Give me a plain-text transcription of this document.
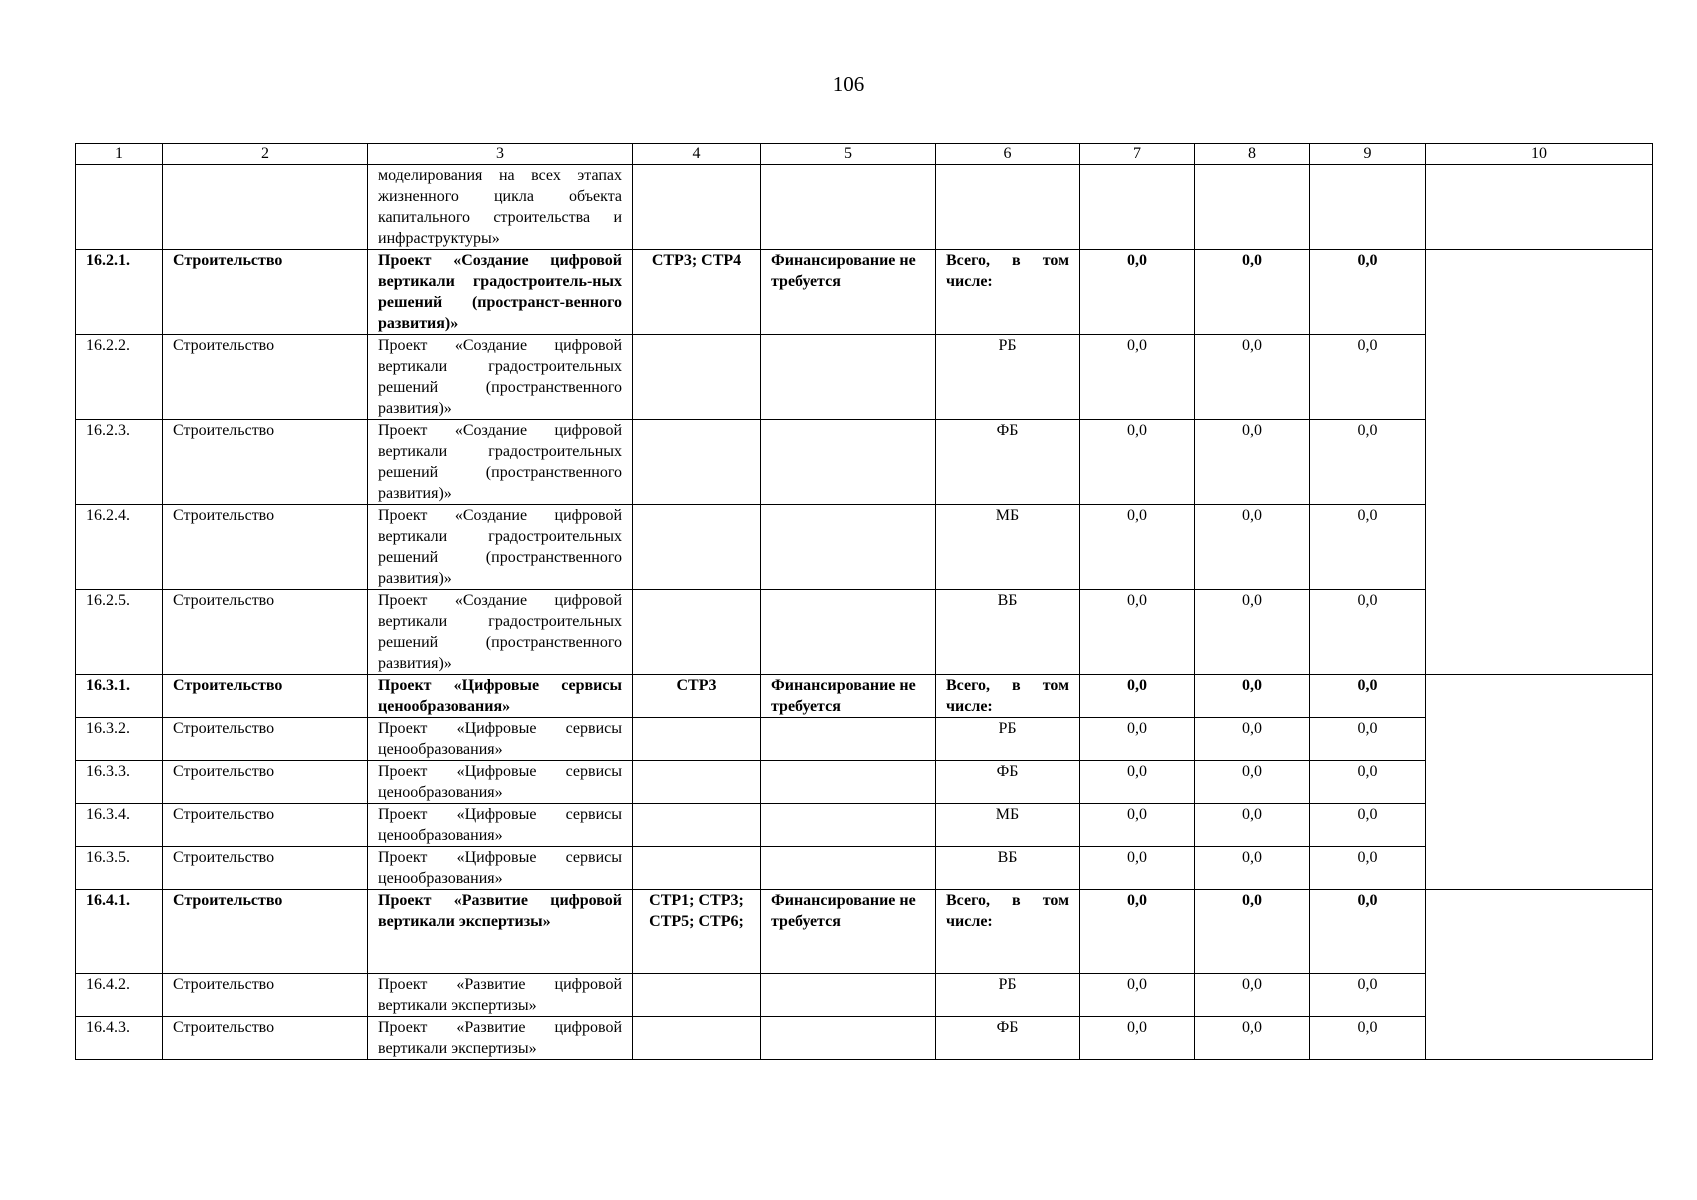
106
1	2	3	4	5	6	7	8	9	10
		моделирования на всех этапах жизненного цикла объекта капитального строительства и инфраструктуры»							
16.2.1.	Строительство	Проект «Создание цифровой вертикали градостроитель-ных решений (пространст-венного развития)»	СТР3; СТР4	Финансирование не требуется	Всего, в том числе:	0,0	0,0	0,0	
16.2.2.	Строительство	Проект «Создание цифровой вертикали градостроительных решений (пространственного развития)»			РБ	0,0	0,0	0,0	
16.2.3.	Строительство	Проект «Создание цифровой вертикали градостроительных решений (пространственного развития)»			ФБ	0,0	0,0	0,0	
16.2.4.	Строительство	Проект «Создание цифровой вертикали градостроительных решений (пространственного развития)»			МБ	0,0	0,0	0,0	
16.2.5.	Строительство	Проект «Создание цифровой вертикали градостроительных решений (пространственного развития)»			ВБ	0,0	0,0	0,0	
16.3.1.	Строительство	Проект «Цифровые сервисы ценообразования»	СТР3	Финансирование не требуется	Всего, в том числе:	0,0	0,0	0,0	
16.3.2.	Строительство	Проект «Цифровые сервисы ценообразования»			РБ	0,0	0,0	0,0	
16.3.3.	Строительство	Проект «Цифровые сервисы ценообразования»			ФБ	0,0	0,0	0,0	
16.3.4.	Строительство	Проект «Цифровые сервисы ценообразования»			МБ	0,0	0,0	0,0	
16.3.5.	Строительство	Проект «Цифровые сервисы ценообразования»			ВБ	0,0	0,0	0,0	
16.4.1.	Строительство	Проект «Развитие цифровой вертикали экспертизы»	СТР1; СТР3; СТР5; СТР6;	Финансирование не требуется	Всего, в том числе:	0,0	0,0	0,0	
16.4.2.	Строительство	Проект «Развитие цифровой вертикали экспертизы»			РБ	0,0	0,0	0,0	
16.4.3.	Строительство	Проект «Развитие цифровой вертикали экспертизы»			ФБ	0,0	0,0	0,0	
